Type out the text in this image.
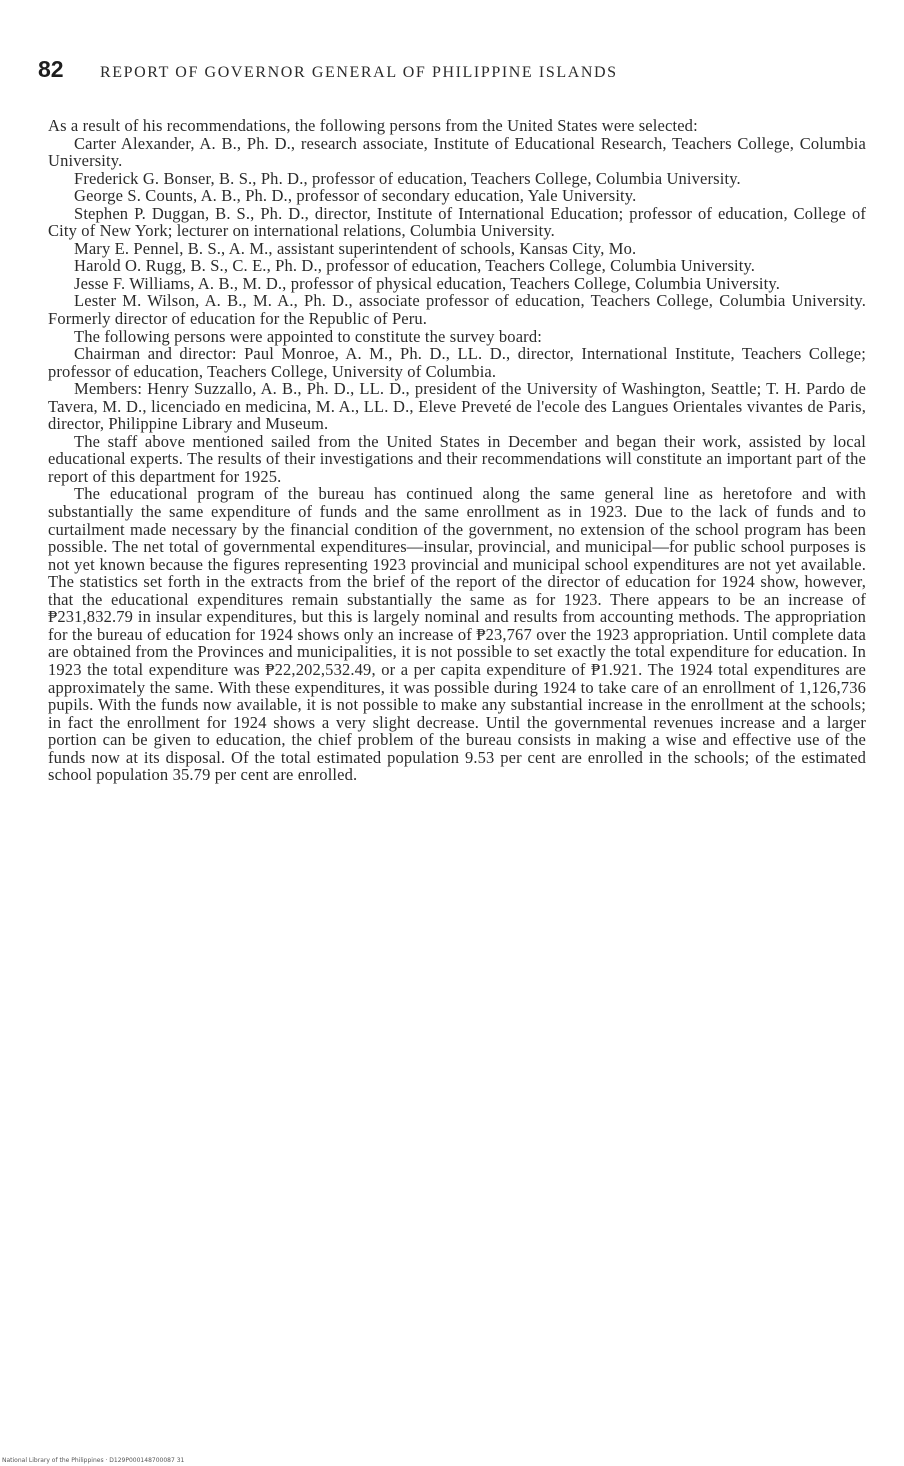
82	REPORT OF GOVERNOR GENERAL OF PHILIPPINE ISLANDS

As a result of his recommendations, the following persons from the United States were selected:

Carter Alexander, A. B., Ph. D., research associate, Institute of Educational Research, Teachers College, Columbia University.

Frederick G. Bonser, B. S., Ph. D., professor of education, Teachers College, Columbia University.

George S. Counts, A. B., Ph. D., professor of secondary education, Yale University.

Stephen P. Duggan, B. S., Ph. D., director, Institute of International Education; professor of education, College of City of New York; lecturer on international relations, Columbia University.

Mary E. Pennel, B. S., A. M., assistant superintendent of schools, Kansas City, Mo.

Harold O. Rugg, B. S., C. E., Ph. D., professor of education, Teachers College, Columbia University.

Jesse F. Williams, A. B., M. D., professor of physical education, Teachers College, Columbia University.

Lester M. Wilson, A. B., M. A., Ph. D., associate professor of education, Teachers College, Columbia University. Formerly director of education for the Republic of Peru.

The following persons were appointed to constitute the survey board:

Chairman and director: Paul Monroe, A. M., Ph. D., LL. D., director, International Institute, Teachers College; professor of education, Teachers College, University of Columbia.

Members: Henry Suzzallo, A. B., Ph. D., LL. D., president of the University of Washington, Seattle; T. H. Pardo de Tavera, M. D., licenciado en medicina, M. A., LL. D., Eleve Preveté de l'ecole des Langues Orientales vivantes de Paris, director, Philippine Library and Museum.

The staff above mentioned sailed from the United States in December and began their work, assisted by local educational experts. The results of their investigations and their recommendations will constitute an important part of the report of this department for 1925.

The educational program of the bureau has continued along the same general line as heretofore and with substantially the same expenditure of funds and the same enrollment as in 1923. Due to the lack of funds and to curtailment made necessary by the financial condition of the government, no extension of the school program has been possible. The net total of governmental expenditures—insular, provincial, and municipal—for public school purposes is not yet known because the figures representing 1923 provincial and municipal school expenditures are not yet available. The statistics set forth in the extracts from the brief of the report of the director of education for 1924 show, however, that the educational expenditures remain substantially the same as for 1923. There appears to be an increase of ₱231,832.79 in insular expenditures, but this is largely nominal and results from accounting methods. The appropriation for the bureau of education for 1924 shows only an increase of ₱23,767 over the 1923 appropriation. Until complete data are obtained from the Provinces and municipalities, it is not possible to set exactly the total expenditure for education. In 1923 the total expenditure was ₱22,202,532.49, or a per capita expenditure of ₱1.921. The 1924 total expenditures are approximately the same. With these expenditures, it was possible during 1924 to take care of an enrollment of 1,126,736 pupils. With the funds now available, it is not possible to make any substantial increase in the enrollment at the schools; in fact the enrollment for 1924 shows a very slight decrease. Until the governmental revenues increase and a larger portion can be given to education, the chief problem of the bureau consists in making a wise and effective use of the funds now at its disposal. Of the total estimated population 9.53 per cent are enrolled in the schools; of the estimated school population 35.79 per cent are enrolled.

National Library of the Philippines · D129P000148700087 31
